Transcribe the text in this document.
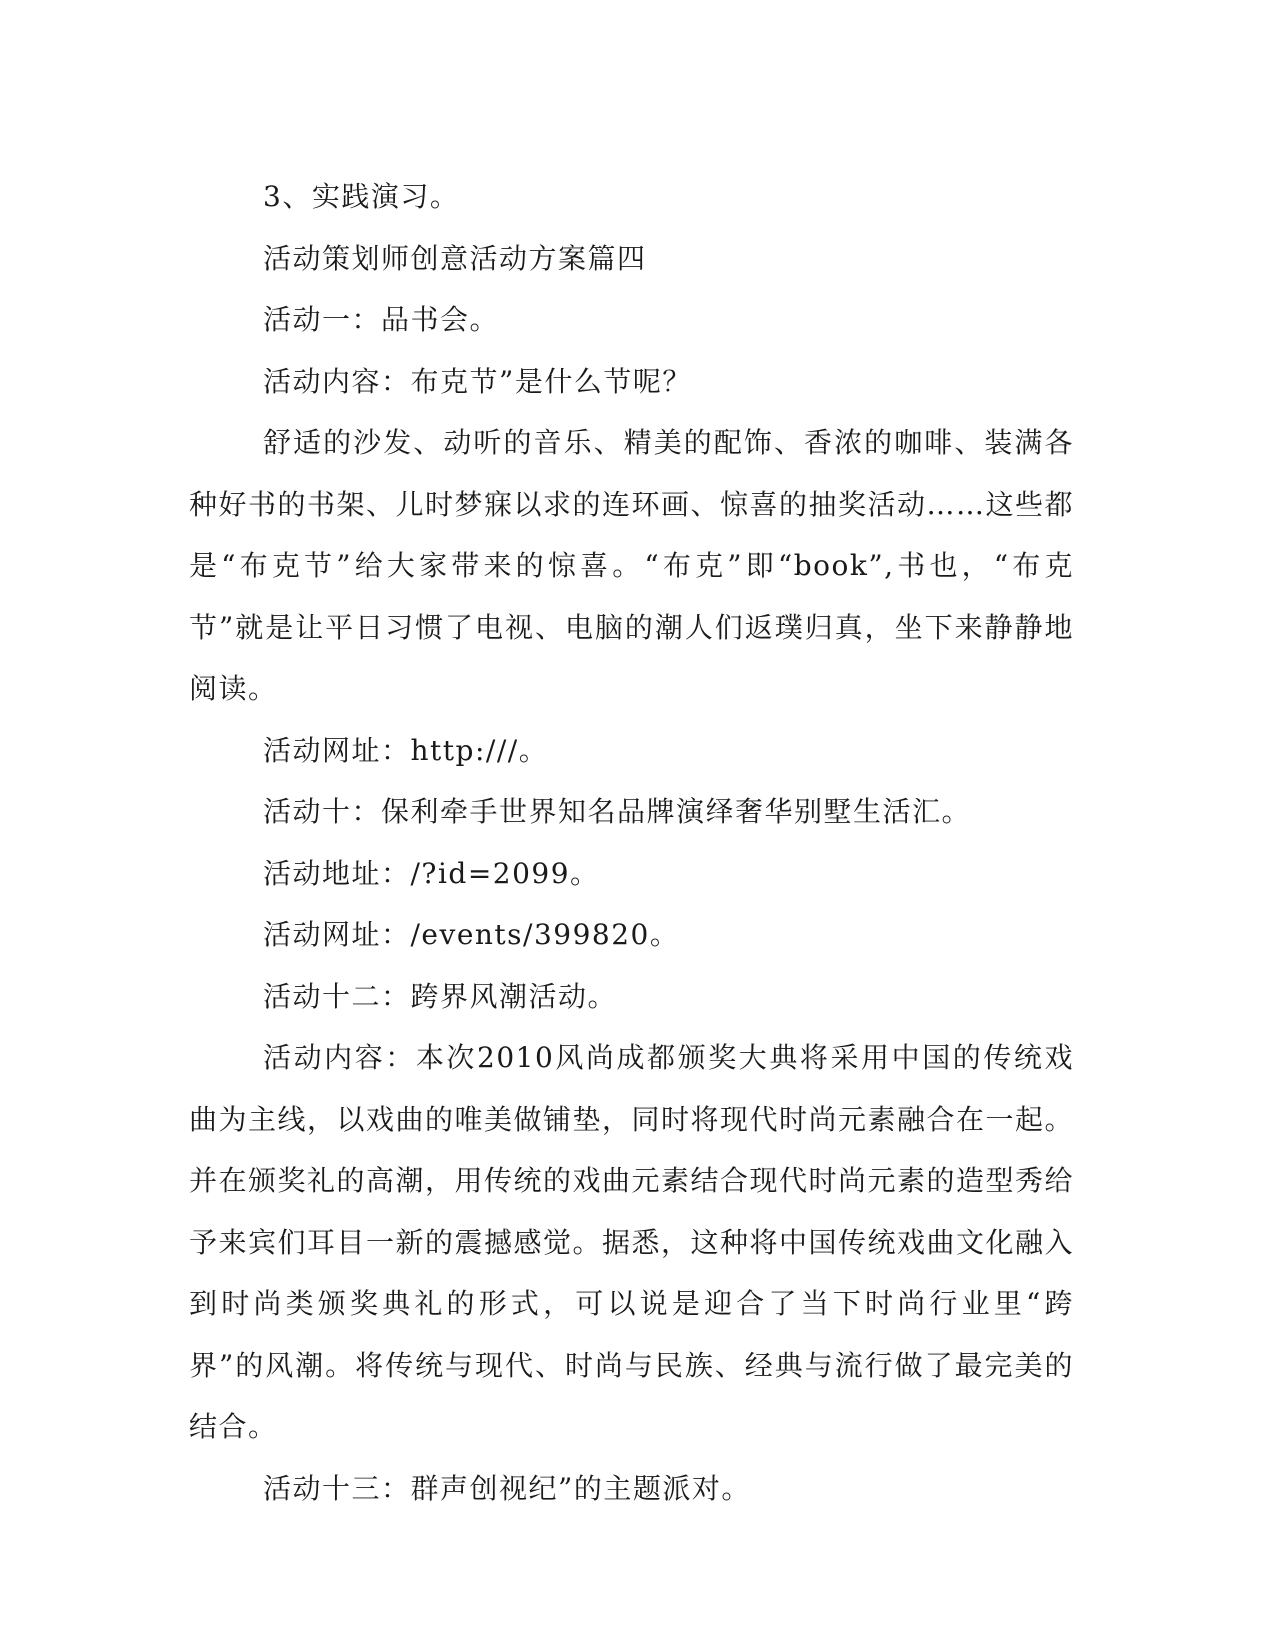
3、实践演习。

活动策划师创意活动方案篇四

活动一：品书会。

活动内容：布克节”是什么节呢？

舒适的沙发、动听的音乐、精美的配饰、香浓的咖啡、装满各种好书的书架、儿时梦寐以求的连环画、惊喜的抽奖活动……这些都是“布克节”给大家带来的惊喜。“布克”即“book”,书也，“布克节”就是让平日习惯了电视、电脑的潮人们返璞归真，坐下来静静地阅读。

活动网址：http:///。

活动十：保利牵手世界知名品牌演绎奢华别墅生活汇。

活动地址：/?id=2099。

活动网址：/events/399820。

活动十二：跨界风潮活动。

活动内容：本次2010风尚成都颁奖大典将采用中国的传统戏曲为主线，以戏曲的唯美做铺垫，同时将现代时尚元素融合在一起。并在颁奖礼的高潮，用传统的戏曲元素结合现代时尚元素的造型秀给予来宾们耳目一新的震撼感觉。据悉，这种将中国传统戏曲文化融入到时尚类颁奖典礼的形式，可以说是迎合了当下时尚行业里“跨界”的风潮。将传统与现代、时尚与民族、经典与流行做了最完美的结合。

活动十三：群声创视纪”的主题派对。
